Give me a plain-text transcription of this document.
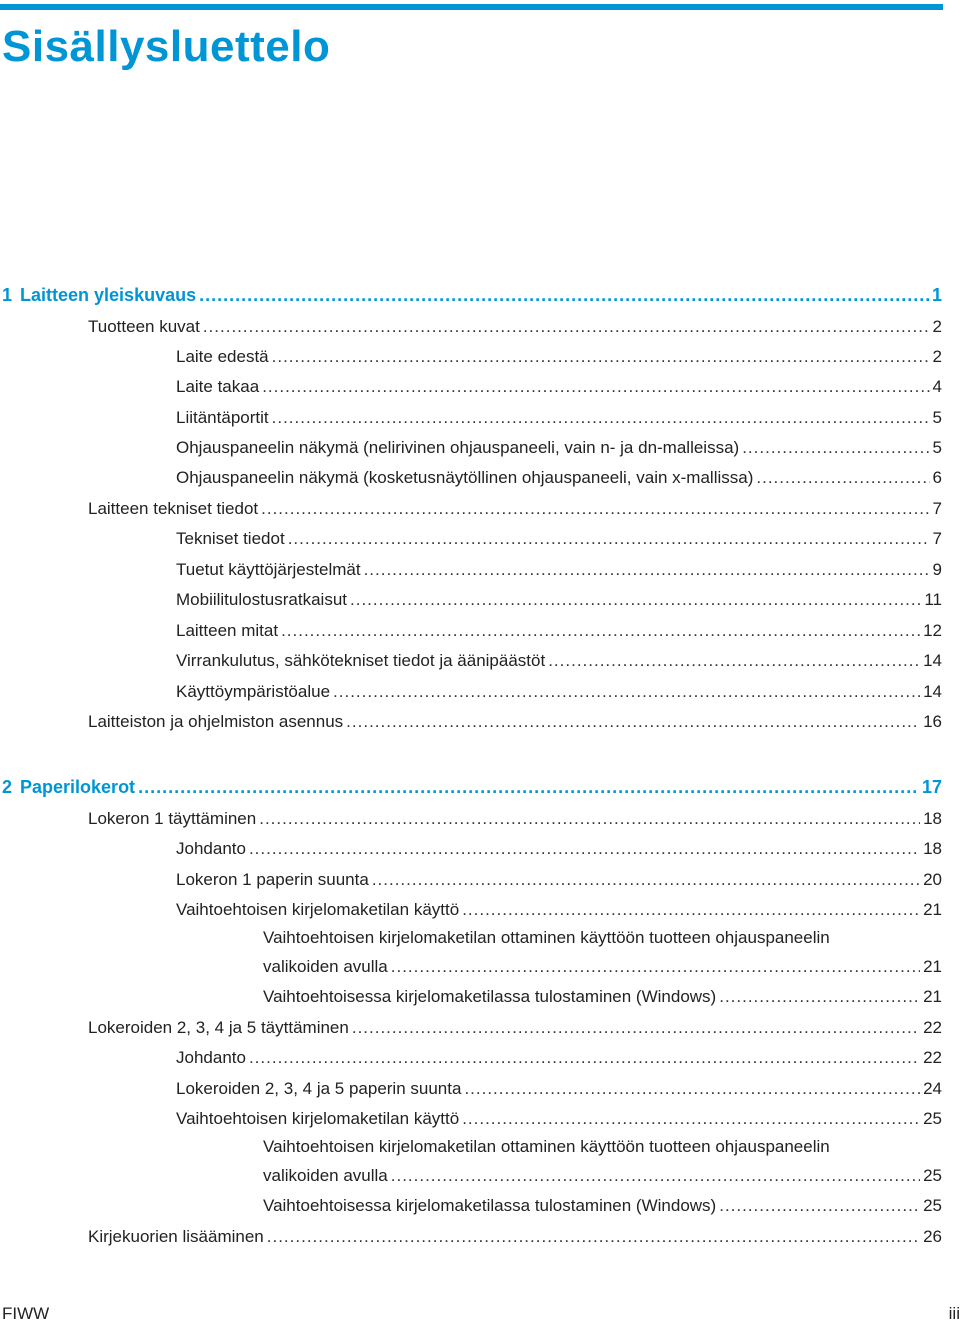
Sisällysluettelo
1 Laitteen yleiskuvaus .....	1
Tuotteen kuvat .....	2
Laite edestä .....	2
Laite takaa .....	4
Liitäntäportit .....	5
Ohjauspaneelin näkymä (nelirivinen ohjauspaneeli, vain n- ja dn-malleissa) .....	5
Ohjauspaneelin näkymä (kosketusnäytöllinen ohjauspaneeli, vain x-mallissa) .....	6
Laitteen tekniset tiedot .....	7
Tekniset tiedot .....	7
Tuetut käyttöjärjestelmät .....	9
Mobiilitulostusratkaisut .....	11
Laitteen mitat .....	12
Virrankulutus, sähkötekniset tiedot ja äänipäästöt .....	14
Käyttöympäristöalue .....	14
Laitteiston ja ohjelmiston asennus .....	16
2 Paperilokerot .....	17
Lokeron 1 täyttäminen .....	18
Johdanto .....	18
Lokeron 1 paperin suunta .....	20
Vaihtoehtoisen kirjelomaketilan käyttö .....	21
Vaihtoehtoisen kirjelomaketilan ottaminen käyttöön tuotteen ohjauspaneelin
valikoiden avulla .....	21
Vaihtoehtoisessa kirjelomaketilassa tulostaminen (Windows) .....	21
Lokeroiden 2, 3, 4 ja 5 täyttäminen .....	22
Johdanto .....	22
Lokeroiden 2, 3, 4 ja 5 paperin suunta .....	24
Vaihtoehtoisen kirjelomaketilan käyttö .....	25
Vaihtoehtoisen kirjelomaketilan ottaminen käyttöön tuotteen ohjauspaneelin
valikoiden avulla .....	25
Vaihtoehtoisessa kirjelomaketilassa tulostaminen (Windows) .....	25
Kirjekuorien lisääminen .....	26
FIWW	iii
